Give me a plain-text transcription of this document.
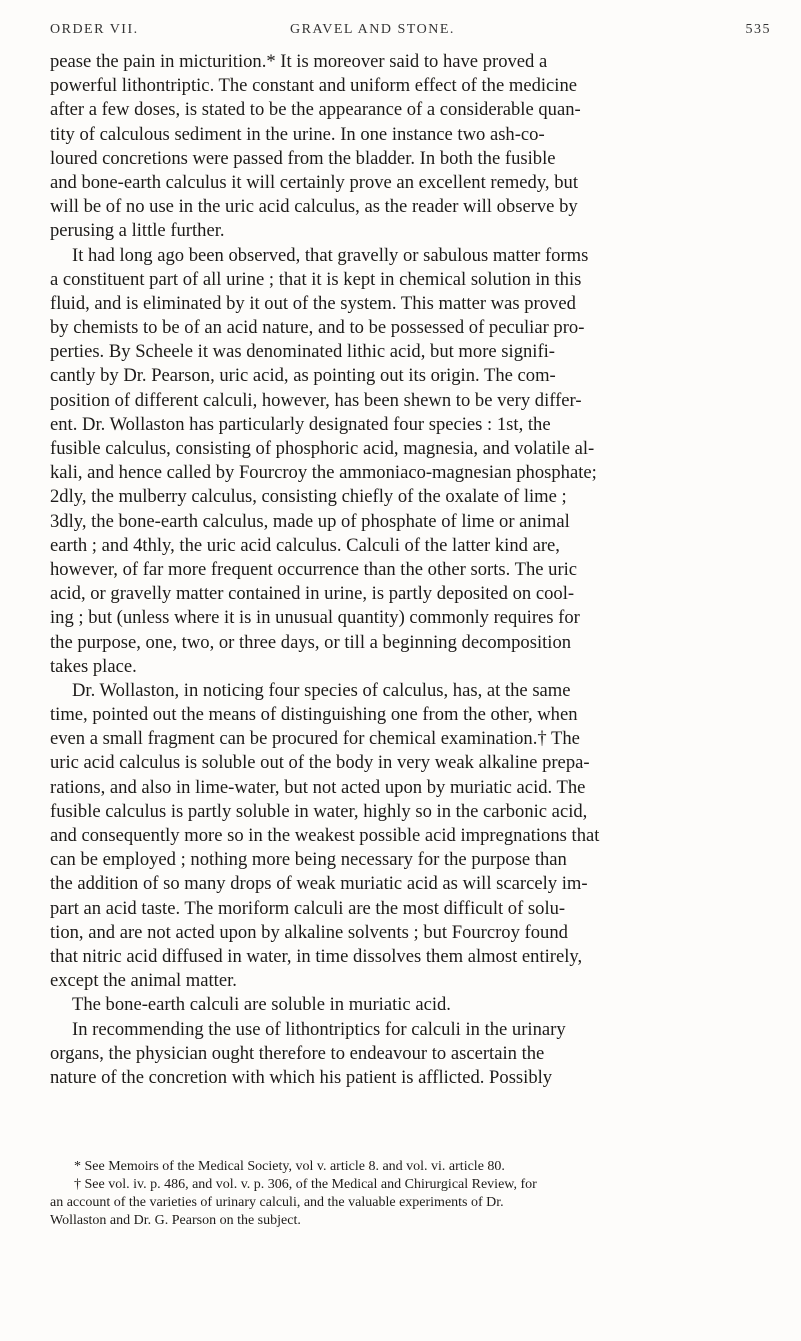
ORDER VII.	GRAVEL AND STONE.	535
pease the pain in micturition.* It is moreover said to have proved a
powerful lithontriptic. The constant and uniform effect of the medicine
after a few doses, is stated to be the appearance of a considerable quan-
tity of calculous sediment in the urine. In one instance two ash-co-
loured concretions were passed from the bladder. In both the fusible
and bone-earth calculus it will certainly prove an excellent remedy, but
will be of no use in the uric acid calculus, as the reader will observe by
perusing a little further.
It had long ago been observed, that gravelly or sabulous matter forms
a constituent part of all urine ; that it is kept in chemical solution in this
fluid, and is eliminated by it out of the system. This matter was proved
by chemists to be of an acid nature, and to be possessed of peculiar pro-
perties. By Scheele it was denominated lithic acid, but more signifi-
cantly by Dr. Pearson, uric acid, as pointing out its origin. The com-
position of different calculi, however, has been shewn to be very differ-
ent. Dr. Wollaston has particularly designated four species : 1st, the
fusible calculus, consisting of phosphoric acid, magnesia, and volatile al-
kali, and hence called by Fourcroy the ammoniaco-magnesian phosphate;
2dly, the mulberry calculus, consisting chiefly of the oxalate of lime ;
3dly, the bone-earth calculus, made up of phosphate of lime or animal
earth ; and 4thly, the uric acid calculus. Calculi of the latter kind are,
however, of far more frequent occurrence than the other sorts. The uric
acid, or gravelly matter contained in urine, is partly deposited on cool-
ing ; but (unless where it is in unusual quantity) commonly requires for
the purpose, one, two, or three days, or till a beginning decomposition
takes place.
Dr. Wollaston, in noticing four species of calculus, has, at the same
time, pointed out the means of distinguishing one from the other, when
even a small fragment can be procured for chemical examination.† The
uric acid calculus is soluble out of the body in very weak alkaline prepa-
rations, and also in lime-water, but not acted upon by muriatic acid. The
fusible calculus is partly soluble in water, highly so in the carbonic acid,
and consequently more so in the weakest possible acid impregnations that
can be employed ; nothing more being necessary for the purpose than
the addition of so many drops of weak muriatic acid as will scarcely im-
part an acid taste. The moriform calculi are the most difficult of solu-
tion, and are not acted upon by alkaline solvents ; but Fourcroy found
that nitric acid diffused in water, in time dissolves them almost entirely,
except the animal matter.
The bone-earth calculi are soluble in muriatic acid.
In recommending the use of lithontriptics for calculi in the urinary
organs, the physician ought therefore to endeavour to ascertain the
nature of the concretion with which his patient is afflicted. Possibly
* See Memoirs of the Medical Society, vol v. article 8. and vol. vi. article 80.
† See vol. iv. p. 486, and vol. v. p. 306, of the Medical and Chirurgical Review, for
an account of the varieties of urinary calculi, and the valuable experiments of Dr.
Wollaston and Dr. G. Pearson on the subject.
